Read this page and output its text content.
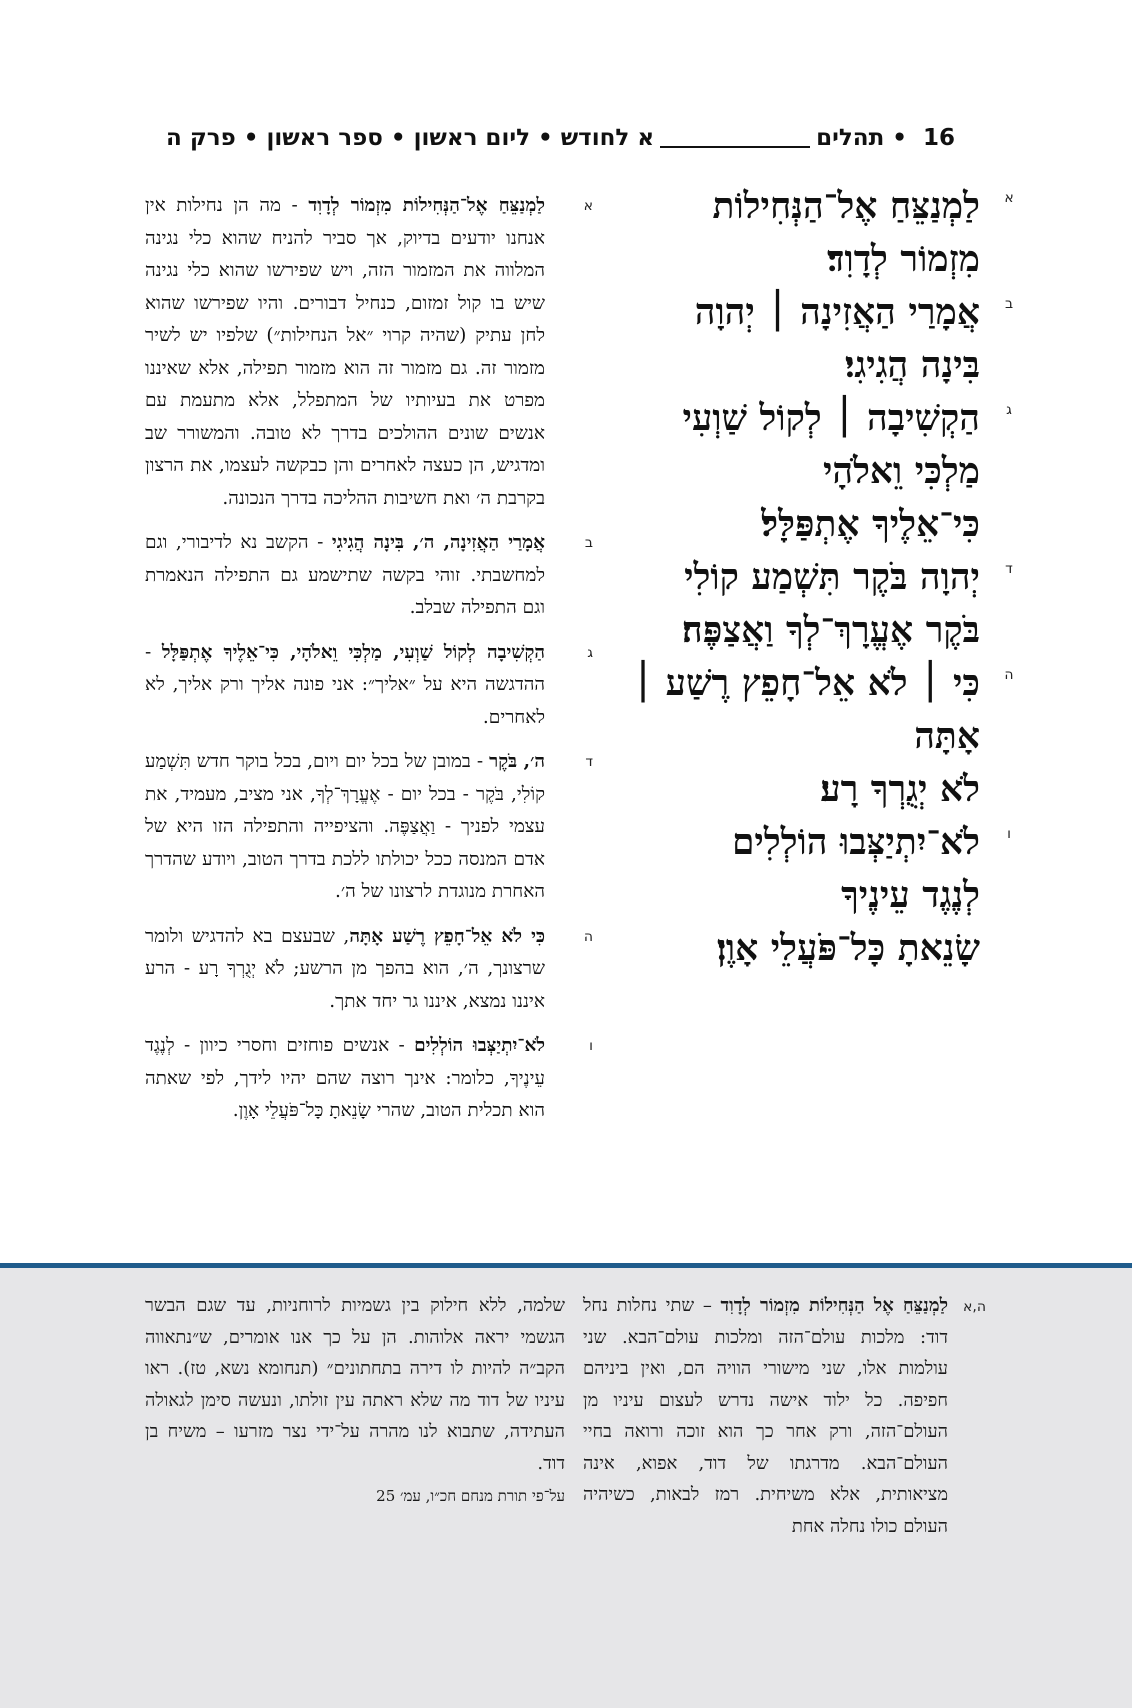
16
•
תהלים
א לחודש
•
ליום ראשון
•
ספר ראשון
•
פרק ה
א
לַמְנַצֵּחַ אֶל־הַנְּחִילוֹת
מִזְמוֹר לְדָוִד׃
ב
אֲמָרַי הַאֲזִינָה ׀ יְהוָה
בִּינָה הֲגִיגִי׃
ג
הַקְשִׁיבָה ׀ לְקוֹל שַׁוְעִי
מַלְכִּי וֵאלֹהָי
כִּי־אֵלֶיךָ אֶתְפַּלָּל׃
ד
יְהוָה בֹּקֶר תִּשְׁמַע קוֹלִי
בֹּקֶר אֶעֱרָךְ־לְךָ וַאֲצַפֶּה׃
ה
כִּי ׀ לֹא אֵל־חָפֵץ רֶשַׁע ׀
אָתָּה
לֹא יְגֻרְךָ רָע׃
ו
לֹא־יִתְיַצְּבוּ הוֹלְלִים
לְנֶגֶד עֵינֶיךָ
שָׂנֵאתָ כָּל־פֹּעֲלֵי אָוֶן׃
א

לַמְנַצֵּחַ אֶל־הַנְּחִילוֹת מִזְמוֹר לְדָוִד - מה הן נחילות אין אנחנו יודעים בדיוק, אך סביר להניח שהוא כלי נגינה המלווה את המזמור הזה, ויש שפירשו שהוא כלי נגינה שיש בו קול זמזום, כנחיל דבורים. והיו שפירשו שהוא לחן עתיק (שהיה קרוי ״אל הנחילות״) שלפיו יש לשיר מזמור זה. גם מזמור זה הוא מזמור תפילה, אלא שאיננו מפרט את בעיותיו של המתפלל, אלא מתעמת עם אנשים שונים ההולכים בדרך לא טובה. והמשורר שב ומדגיש, הן כעצה לאחרים והן כבקשה לעצמו, את הרצון בקרבת ה׳ ואת חשיבות ההליכה בדרך הנכונה.

ב

אֲמָרַי הַאֲזִינָה, ה׳, בִּינָה הֲגִיגִי - הקשב נא לדיבורי, וגם למחשבתי. זוהי בקשה שתישמע גם התפילה הנאמרת וגם התפילה שבלב.

ג

הַקְשִׁיבָה לְקוֹל שַׁוְעִי, מַלְכִּי וֵאלֹהָי, כִּי־אֵלֶיךָ אֶתְפַּלָּל - ההדגשה היא על ״אליך״: אני פונה אליך ורק אליך, לא לאחרים.

ד

ה׳, בֹּקֶר - במובן של בכל יום ויום, בכל בוקר חדש תִּשְׁמַע קוֹלִי, בֹּקֶר - בכל יום - אֶעֱרָךְ־לְךָ, אני מציב, מעמיד, את עצמי לפניך - וַאֲצַפֶּה. והציפייה והתפילה הזו היא של אדם המנסה ככל יכולתו ללכת בדרך הטוב, ויודע שהדרך האחרת מנוגדת לרצונו של ה׳.

ה

כִּי לֹא אֵל־חָפֵץ רֶשַׁע אָתָּה, שבעצם בא להדגיש ולומר שרצונך, ה׳, הוא בהפך מן הרשע; לֹא יְגֻרְךָ רָע - הרע איננו נמצא, איננו גר יחד אתך.

ו

לֹא־יִתְיַצְּבוּ הוֹלְלִים - אנשים פוחזים וחסרי כיוון - לְנֶגֶד עֵינֶיךָ, כלומר: אינך רוצה שהם יהיו לידך, לפי שאתה הוא תכלית הטוב, שהרי שָׂנֵאתָ כָּל־פֹּעֲלֵי אָוֶן.

ה,א

לַמְנַצֵּחַ אֶל הַנְּחִילוֹת מִזְמוֹר לְדָוִד – שתי נחלות נחל דוד: מלכות עולם־הזה ומלכות עולם־הבא. שני עולמות אלו, שני מישורי הוויה הם, ואין ביניהם חפיפה. כל ילוד אישה נדרש לעצום עיניו מן העולם־הזה, ורק אחר כך הוא זוכה ורואה בחיי העולם־הבא. מדרגתו של דוד, אפוא, אינה מציאותית, אלא משיחית. רמז לבאות, כשיהיה העולם כולו נחלה אחת

שלמה, ללא חילוק בין גשמיות לרוחניות, עד שגם הבשר הגשמי יראה אלוהות. הן על כך אנו אומרים, ש״נתאווה הקב״ה להיות לו דירה בתחתונים״ (תנחומא נשא, טז). ראו עיניו של דוד מה שלא ראתה עין זולתו, ונעשה סימן לגאולה העתידה, שתבוא לנו מהרה על־ידי נצר מזרעו – משיח בן דוד.

על־פי תורת מנחם חכ״ו, עמ׳ 25
